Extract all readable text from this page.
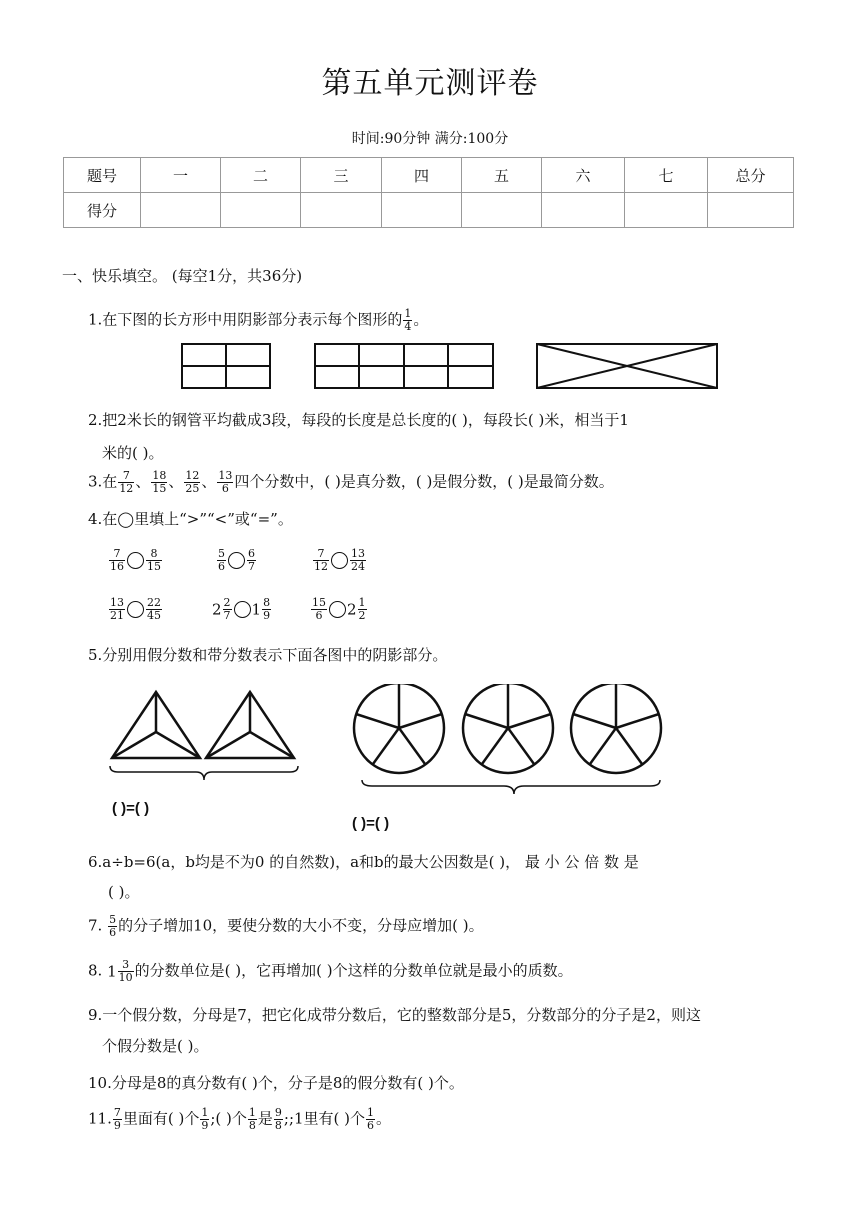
第五单元测评卷
时间:90分钟 满分:100分
题号	一	二	三	四	五	六	七	总分
得分								
一、快乐填空。 (每空1分，共36分)
1.在下图的长方形中用阴影部分表示每个图形的 $\frac{1}{4}$ 。
2.把2米长的钢管平均截成3段，每段的长度是总长度的( )，每段长( )米，相当于1
米的( )。
3.在 $\frac{7}{12}$ 、 $\frac{18}{15}$ 、 $\frac{12}{25}$ 、 $\frac{13}{6}$ 四个分数中，( )是真分数，( )是假分数，( )是最简分数。
4.在◯里填上“>”“<”或“=”。
$\frac{7}{16} \frac{8}{15}$	$\frac{5}{6} \frac{6}{7}$	$\frac{7}{12} \frac{13}{24}$
$\frac{13}{21} \frac{22}{45}$	$2 \frac{2}{7} 1 \frac{8}{9}$	$\frac{15}{6} 2 \frac{1}{2}$
5.分别用假分数和带分数表示下面各图中的阴影部分。
( )=( )
( )=( )
6.a÷b=6(a，b均是不为0 的自然数)，a和b的最大公因数是( )， 最 小 公 倍 数 是
( )。
7. $\frac{5}{6}$ 的分子增加10，要使分数的大小不变，分母应增加( )。
8. $1 \frac{3}{10}$ 的分数单位是( )，它再增加( )个这样的分数单位就是最小的质数。
9.一个假分数，分母是7，把它化成带分数后，它的整数部分是5，分数部分的分子是2，则这
个假分数是( )。
10.分母是8的真分数有( )个，分子是8的假分数有( )个。
11. $\frac{7}{9}$ 里面有( )个 $\frac{1}{9}$ ;( )个 $\frac{1}{8}$ 是 $\frac{9}{8}$ ;;1里有( )个 $\frac{1}{6}$ 。
